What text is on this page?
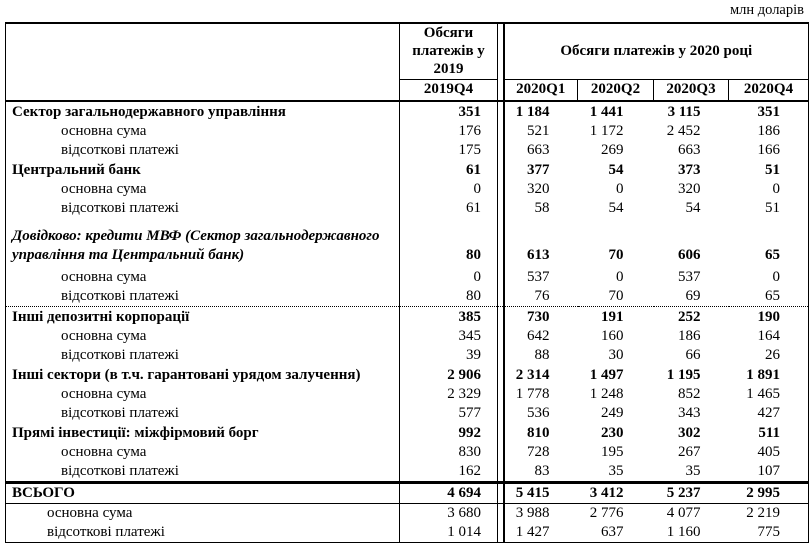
млн доларів
	Обсяги платежів у 2019		Обсяги платежів у 2020 році			
	2019Q4		2020Q1	2020Q2	2020Q3	2020Q4
Сектор загальнодержавного управління	351		1 184	1 441	3 115	351
основна сума	176		521	1 172	2 452	186
відсоткові платежі	175		663	269	663	166
Центральний банк	61		377	54	373	51
основна сума	0		320	0	320	0
відсоткові платежі	61		58	54	54	51
Довідково: кредити МВФ (Сектор загальнодержавного
управління та Центральний банк)	80		613	70	606	65
основна сума	0		537	0	537	0
відсоткові платежі	80		76	70	69	65
Інші депозитні корпорації	385		730	191	252	190
основна сума	345		642	160	186	164
відсоткові платежі	39		88	30	66	26
Інші сектори (в т.ч. гарантовані урядом залучення)	2 906		2 314	1 497	1 195	1 891
основна сума	2 329		1 778	1 248	852	1 465
відсоткові платежі	577		536	249	343	427
Прямі інвестиції: міжфірмовий борг	992		810	230	302	511
основна сума	830		728	195	267	405
відсоткові платежі	162		83	35	35	107
ВСЬОГО	4 694		5 415	3 412	5 237	2 995
основна сума	3 680		3 988	2 776	4 077	2 219
відсоткові платежі	1 014		1 427	637	1 160	775
